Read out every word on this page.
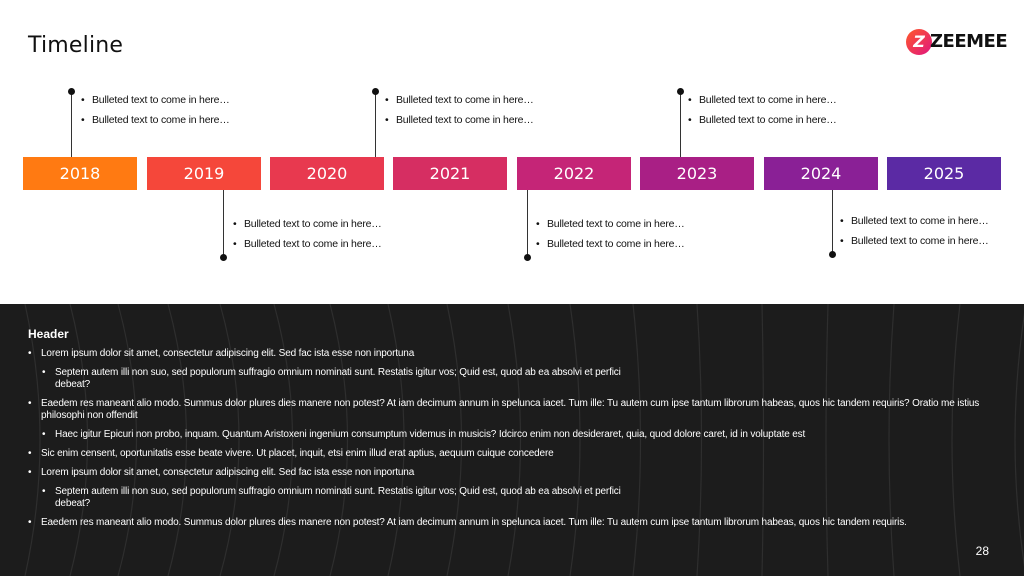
Timeline	Z ZEEMEE
2018	2019	2020	2021	2022	2023	2024	2025
• Bulleted text to come in here…
• Bulleted text to come in here…
• Bulleted text to come in here…
• Bulleted text to come in here…
• Bulleted text to come in here…
• Bulleted text to come in here…
• Bulleted text to come in here…
• Bulleted text to come in here…
• Bulleted text to come in here…
• Bulleted text to come in here…
• Bulleted text to come in here…
• Bulleted text to come in here…
Header
• Lorem ipsum dolor sit amet, consectetur adipiscing elit. Sed fac ista esse non inportuna
• Septem autem illi non suo, sed populorum suffragio omnium nominati sunt. Restatis igitur vos; Quid est, quod ab ea absolvi et perfici debeat?
• Eaedem res maneant alio modo. Summus dolor plures dies manere non potest? At iam decimum annum in spelunca iacet. Tum ille: Tu autem cum ipse tantum librorum habeas, quos hic tandem requiris? Oratio me istius philosophi non offendit
• Haec igitur Epicuri non probo, inquam. Quantum Aristoxeni ingenium consumptum videmus in musicis? Idcirco enim non desideraret, quia, quod dolore caret, id in voluptate est
• Sic enim censent, oportunitatis esse beate vivere. Ut placet, inquit, etsi enim illud erat aptius, aequum cuique concedere
• Lorem ipsum dolor sit amet, consectetur adipiscing elit. Sed fac ista esse non inportuna
• Septem autem illi non suo, sed populorum suffragio omnium nominati sunt. Restatis igitur vos; Quid est, quod ab ea absolvi et perfici debeat?
• Eaedem res maneant alio modo. Summus dolor plures dies manere non potest? At iam decimum annum in spelunca iacet. Tum ille: Tu autem cum ipse tantum librorum habeas, quos hic tandem requiris.
28
